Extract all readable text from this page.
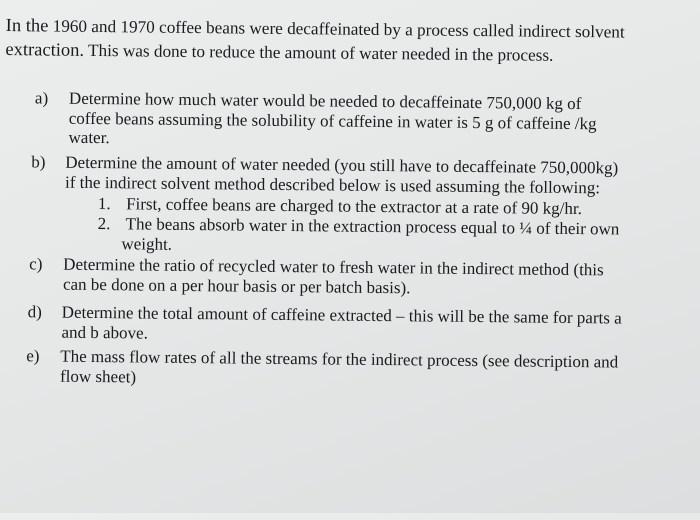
In the 1960 and 1970 coffee beans were decaffeinated by a process called indirect solvent
extraction. This was done to reduce the amount of water needed in the process.
a)	Determine how much water would be needed to decaffeinate 750,000 kg of
coffee beans assuming the solubility of caffeine in water is 5 g of caffeine /kg
water.
b)	Determine the amount of water needed (you still have to decaffeinate 750,000kg)
if the indirect solvent method described below is used assuming the following:
1. First, coffee beans are charged to the extractor at a rate of 90 kg/hr.
2. The beans absorb water in the extraction process equal to ¼ of their own
weight.
c)	Determine the ratio of recycled water to fresh water in the indirect method (this
can be done on a per hour basis or per batch basis).
d)	Determine the total amount of caffeine extracted – this will be the same for parts a
and b above.
e)	The mass flow rates of all the streams for the indirect process (see description and
flow sheet)
